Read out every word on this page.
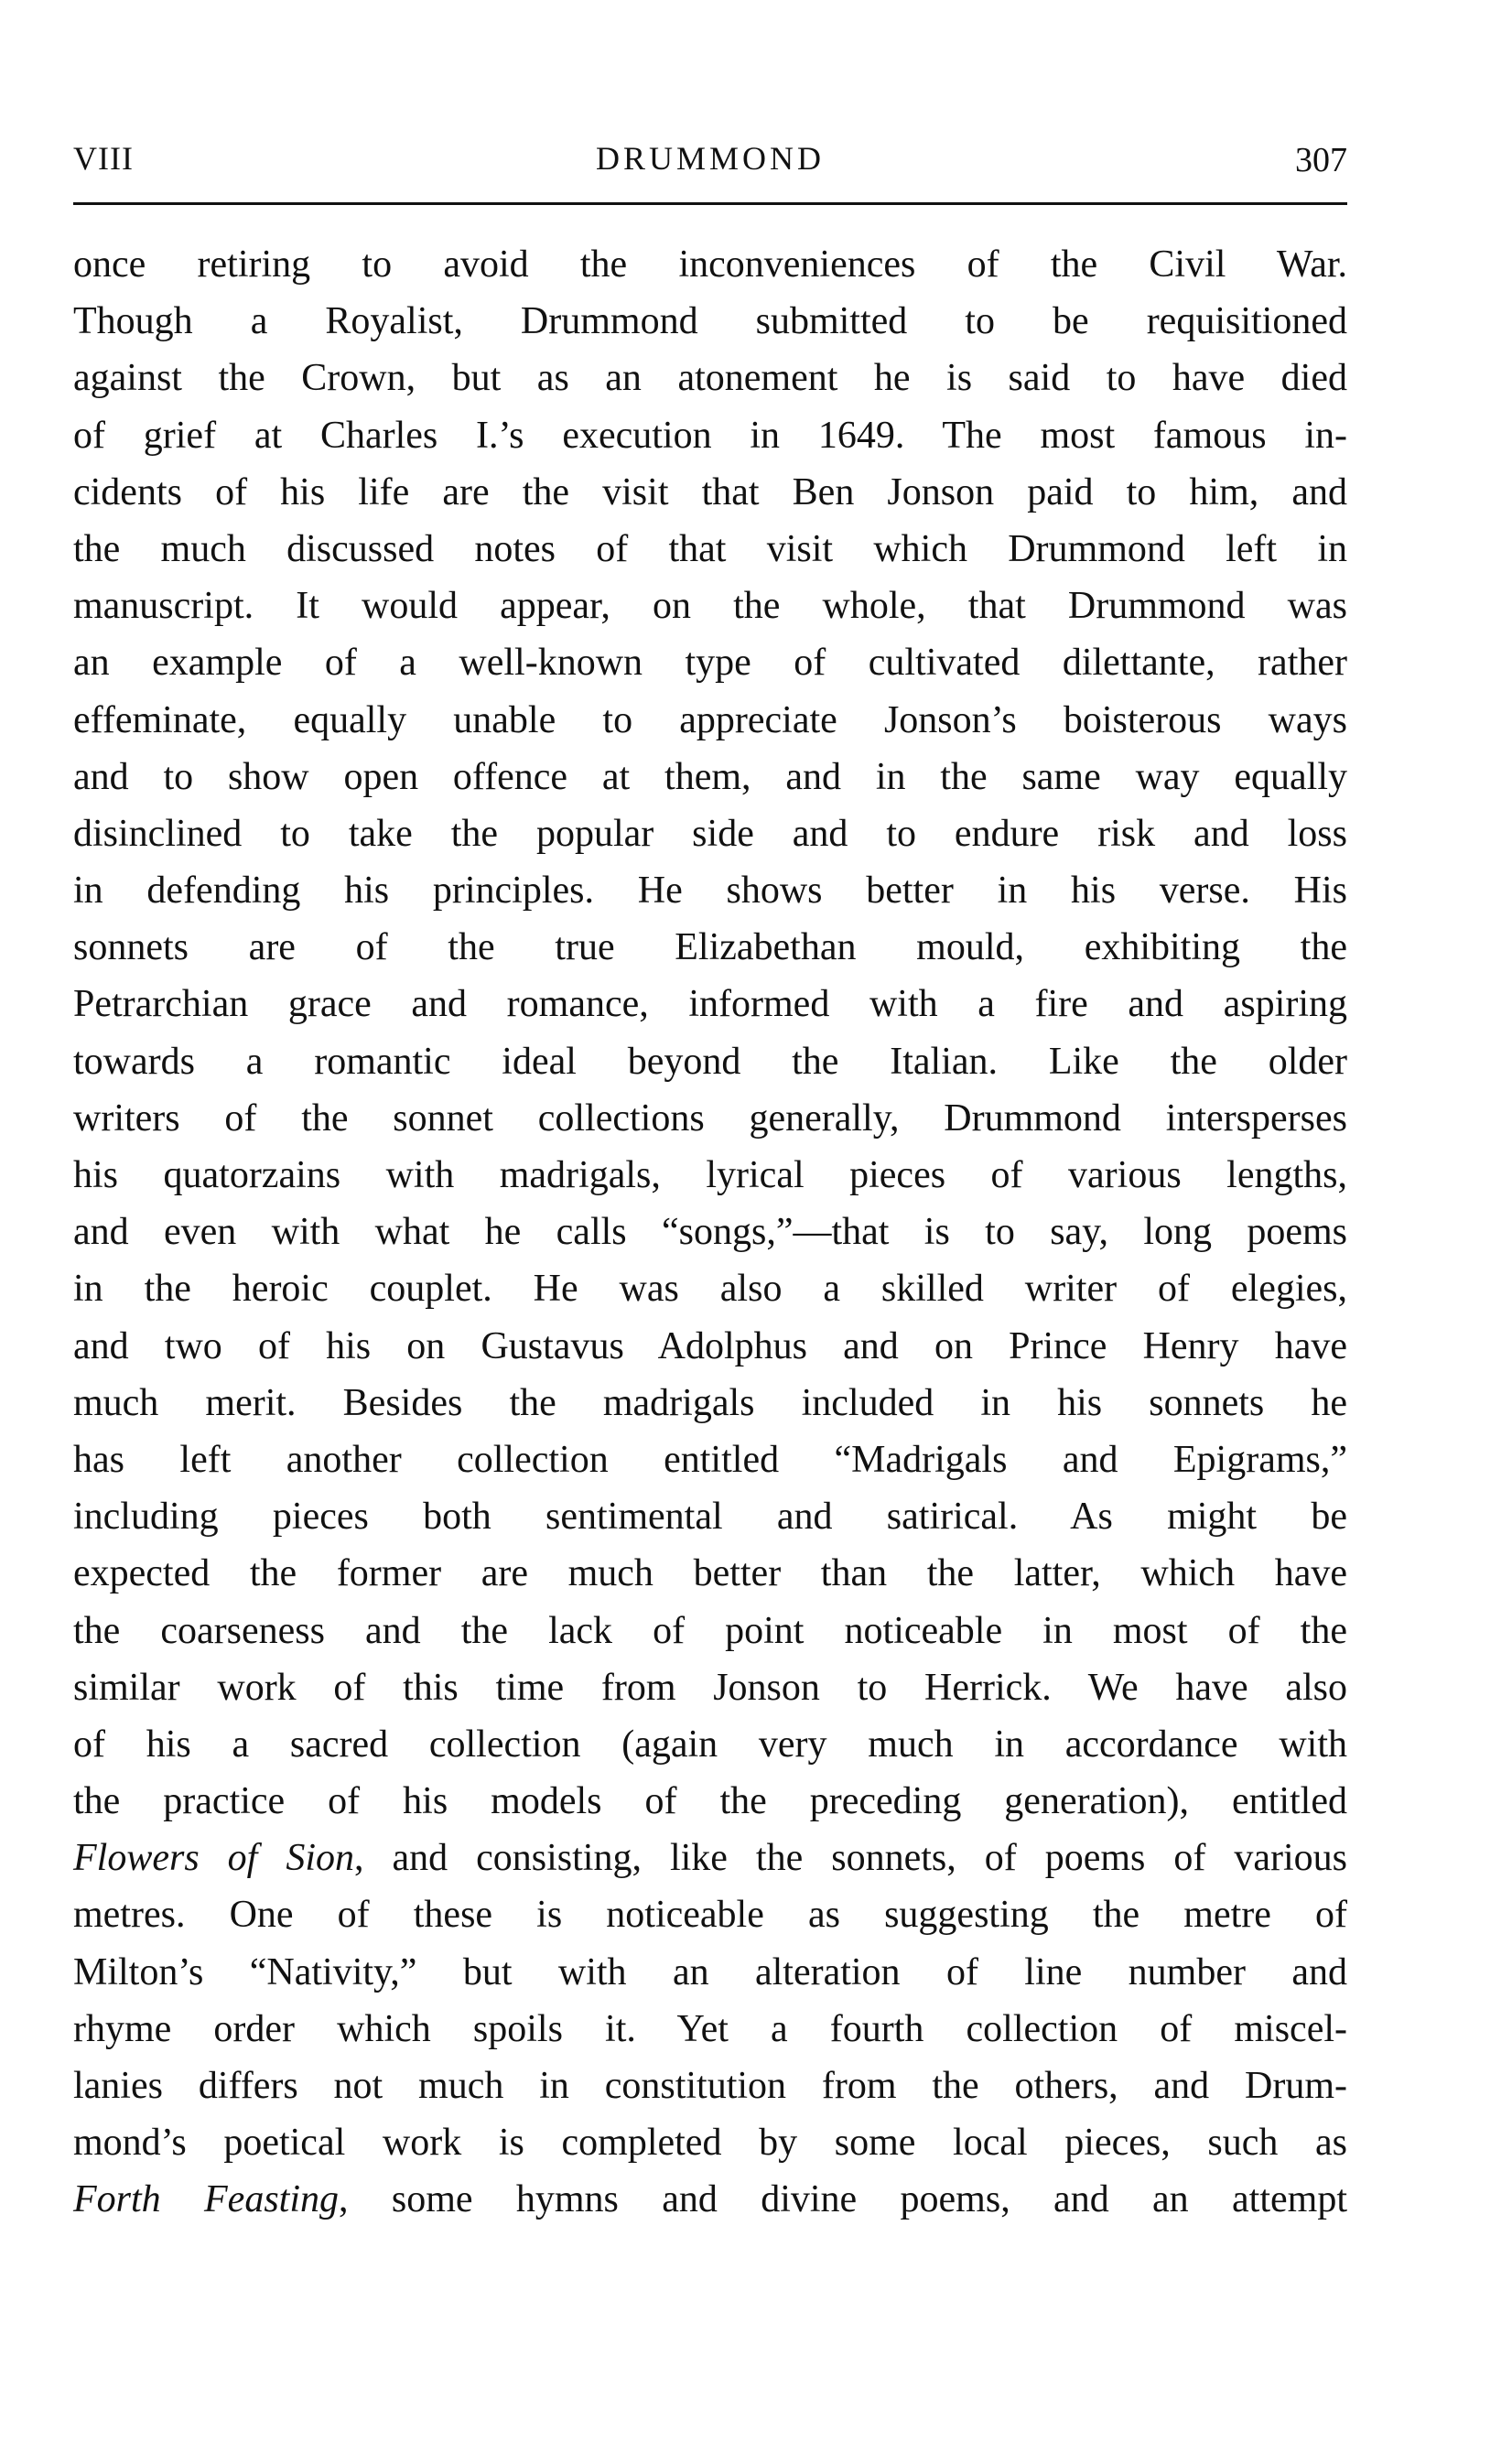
VIII	DRUMMOND	307
once retiring to avoid the inconveniences of the Civil War.
Though a Royalist, Drummond submitted to be requisitioned
against the Crown, but as an atonement he is said to have died
of grief at Charles I.’s execution in 1649. The most famous in-
cidents of his life are the visit that Ben Jonson paid to him, and
the much discussed notes of that visit which Drummond left in
manuscript. It would appear, on the whole, that Drummond was
an example of a well-known type of cultivated dilettante, rather
effeminate, equally unable to appreciate Jonson’s boisterous ways
and to show open offence at them, and in the same way equally
disinclined to take the popular side and to endure risk and loss
in defending his principles. He shows better in his verse. His
sonnets are of the true Elizabethan mould, exhibiting the
Petrarchian grace and romance, informed with a fire and aspiring
towards a romantic ideal beyond the Italian. Like the older
writers of the sonnet collections generally, Drummond intersperses
his quatorzains with madrigals, lyrical pieces of various lengths,
and even with what he calls “songs,”—that is to say, long poems
in the heroic couplet. He was also a skilled writer of elegies,
and two of his on Gustavus Adolphus and on Prince Henry have
much merit. Besides the madrigals included in his sonnets he
has left another collection entitled “Madrigals and Epigrams,”
including pieces both sentimental and satirical. As might be
expected the former are much better than the latter, which have
the coarseness and the lack of point noticeable in most of the
similar work of this time from Jonson to Herrick. We have also
of his a sacred collection (again very much in accordance with
the practice of his models of the preceding generation), entitled
Flowers of Sion, and consisting, like the sonnets, of poems of various
metres. One of these is noticeable as suggesting the metre of
Milton’s “Nativity,” but with an alteration of line number and
rhyme order which spoils it. Yet a fourth collection of miscel-
lanies differs not much in constitution from the others, and Drum-
mond’s poetical work is completed by some local pieces, such as
Forth Feasting, some hymns and divine poems, and an attempt
